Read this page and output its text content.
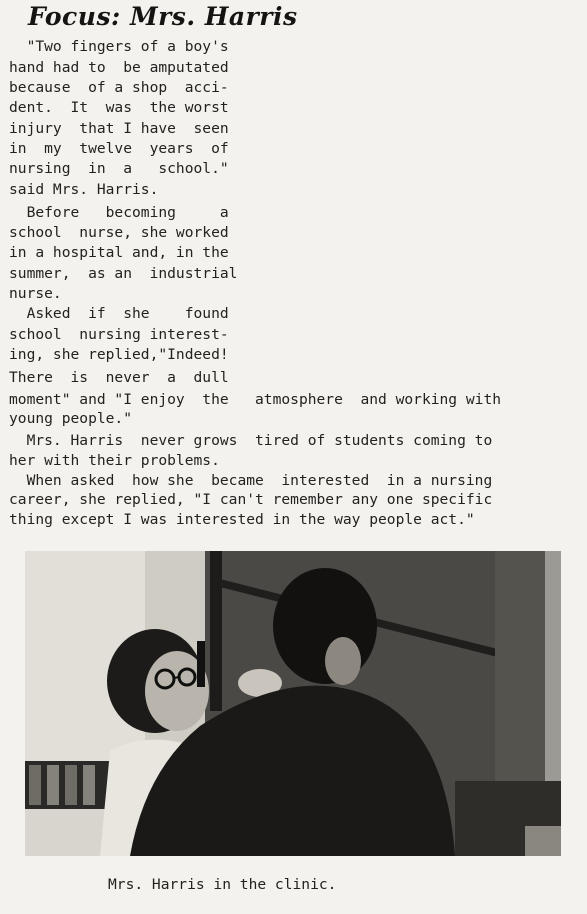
Focus: Mrs. Harris
"Two fingers of a boy's
hand had to  be amputated
because  of a shop  acci-
dent.  It  was  the worst
injury  that I have  seen
in  my  twelve  years  of
nursing  in  a   school."
said Mrs. Harris.
Before   becoming     a
school  nurse, she worked
in a hospital and, in the
summer,  as an  industrial
nurse.
Asked  if  she    found
school  nursing interest-
ing, she replied,"Indeed!
There  is  never  a  dull
moment" and "I enjoy  the   atmosphere  and working with
young people."
Mrs. Harris  never grows  tired of students coming to
her with their problems.
When asked  how she  became  interested  in a nursing
career, she replied, "I can't remember any one specific
thing except I was interested in the way people act."
Mrs. Harris in the clinic.
